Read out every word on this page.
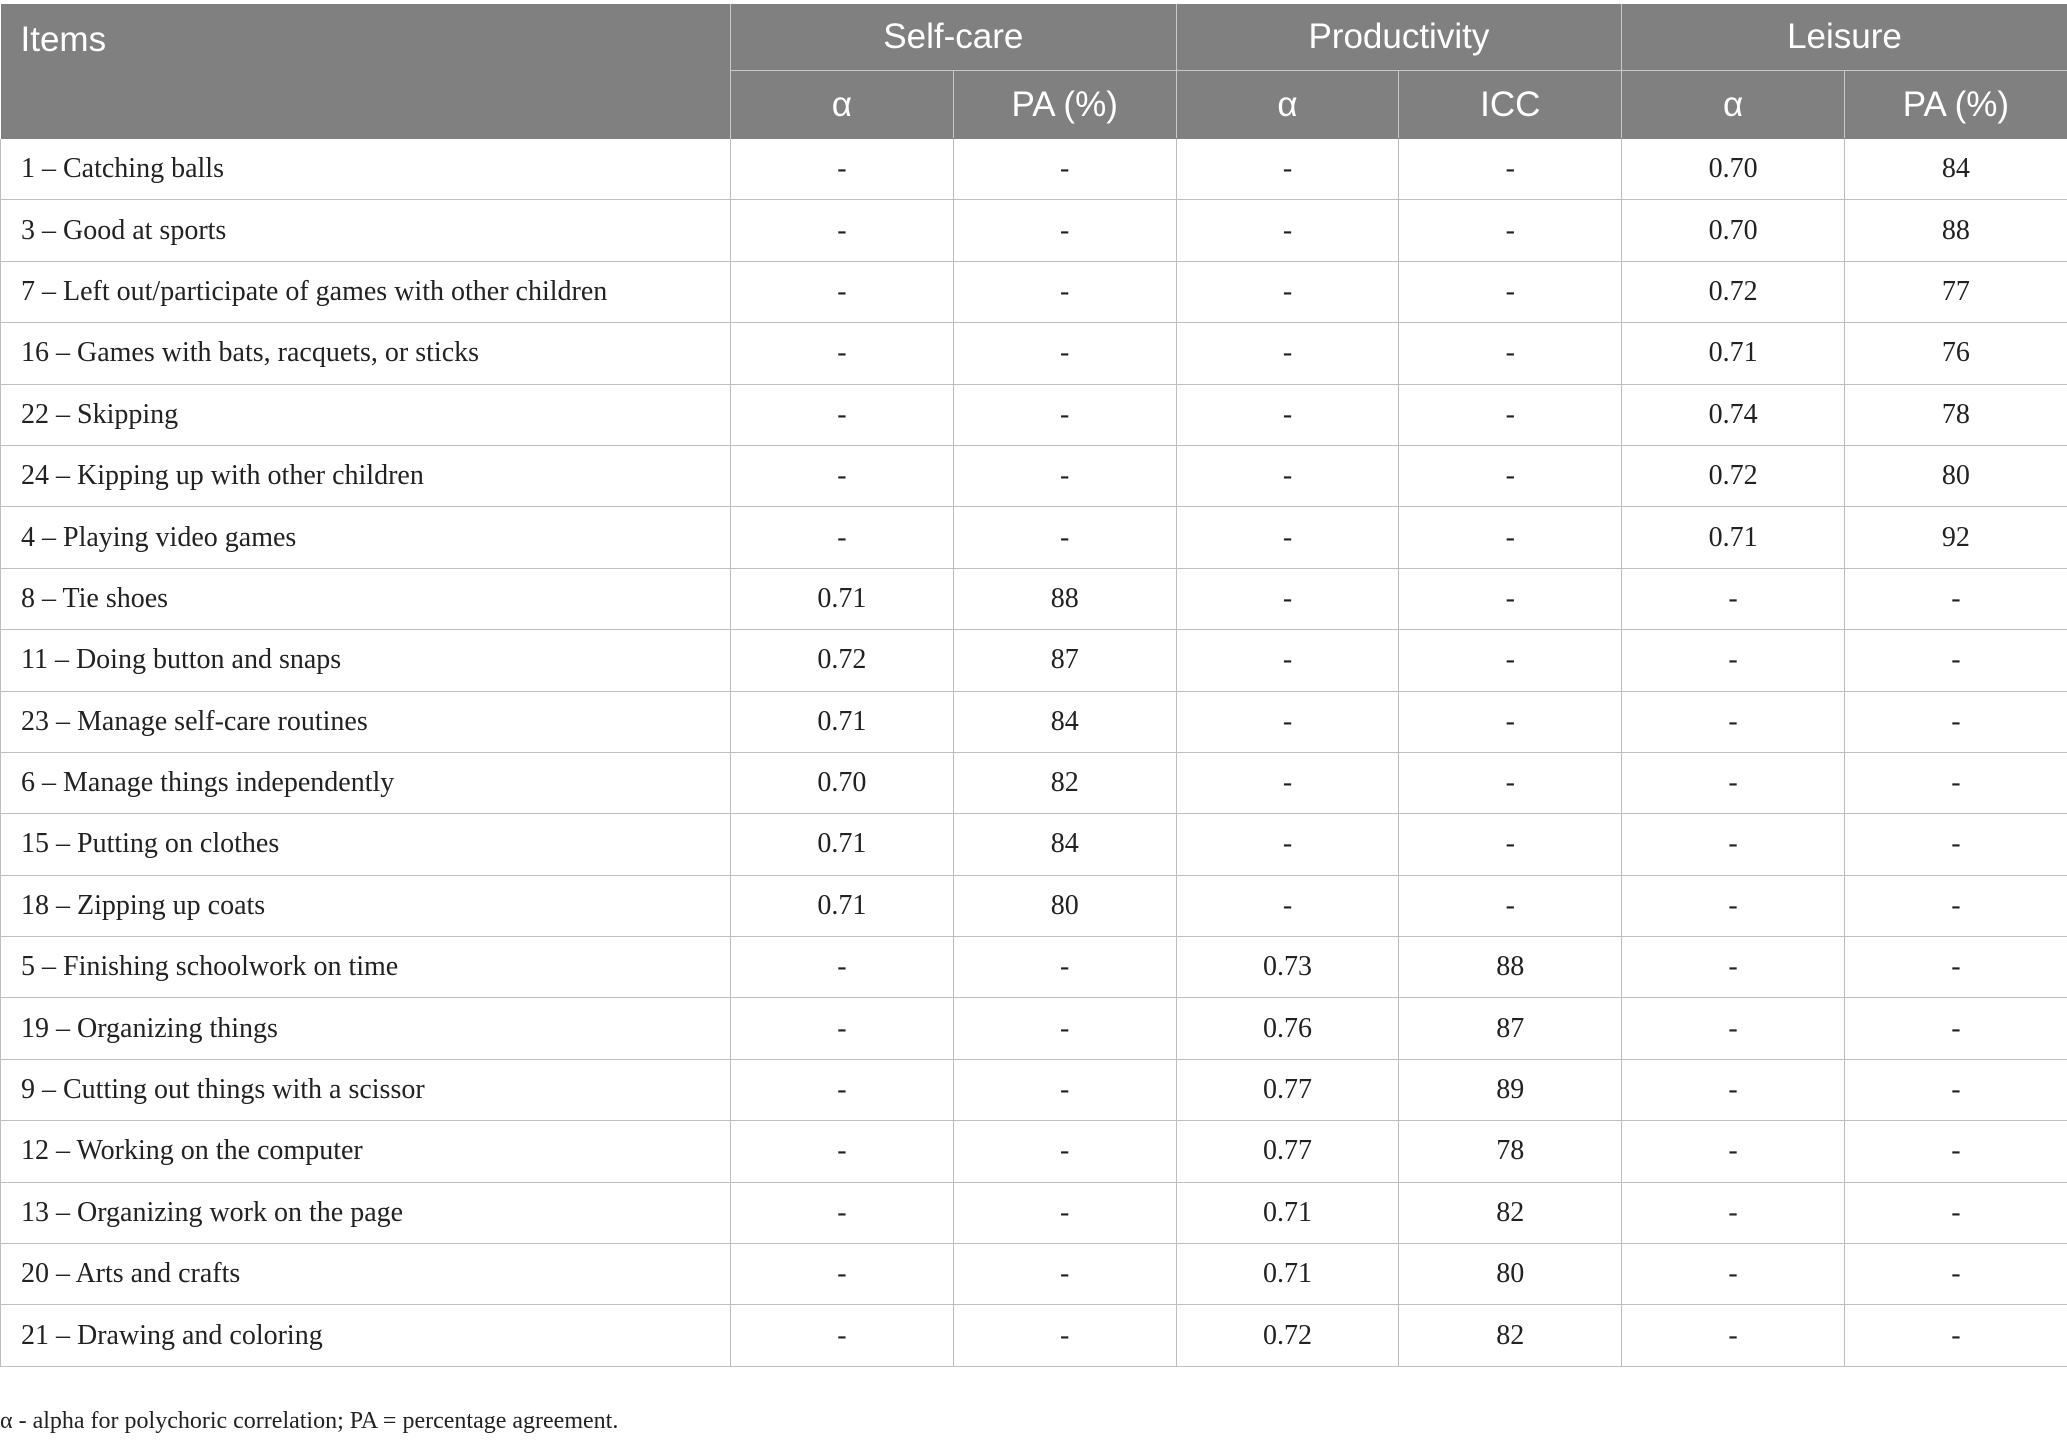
Items	Self-care		Productivity		Leisure	
	α	PA (%)	α	ICC	α	PA (%)
1 – Catching balls	-	-	-	-	0.70	84
3 – Good at sports	-	-	-	-	0.70	88
7 – Left out/participate of games with other children	-	-	-	-	0.72	77
16 – Games with bats, racquets, or sticks	-	-	-	-	0.71	76
22 – Skipping	-	-	-	-	0.74	78
24 – Kipping up with other children	-	-	-	-	0.72	80
4 – Playing video games	-	-	-	-	0.71	92
8 – Tie shoes	0.71	88	-	-	-	-
11 – Doing button and snaps	0.72	87	-	-	-	-
23 – Manage self-care routines	0.71	84	-	-	-	-
6 – Manage things independently	0.70	82	-	-	-	-
15 – Putting on clothes	0.71	84	-	-	-	-
18 – Zipping up coats	0.71	80	-	-	-	-
5 – Finishing schoolwork on time	-	-	0.73	88	-	-
19 – Organizing things	-	-	0.76	87	-	-
9 – Cutting out things with a scissor	-	-	0.77	89	-	-
12 – Working on the computer	-	-	0.77	78	-	-
13 – Organizing work on the page	-	-	0.71	82	-	-
20 – Arts and crafts	-	-	0.71	80	-	-
21 – Drawing and coloring	-	-	0.72	82	-	-
α - alpha for polychoric correlation; PA = percentage agreement.
